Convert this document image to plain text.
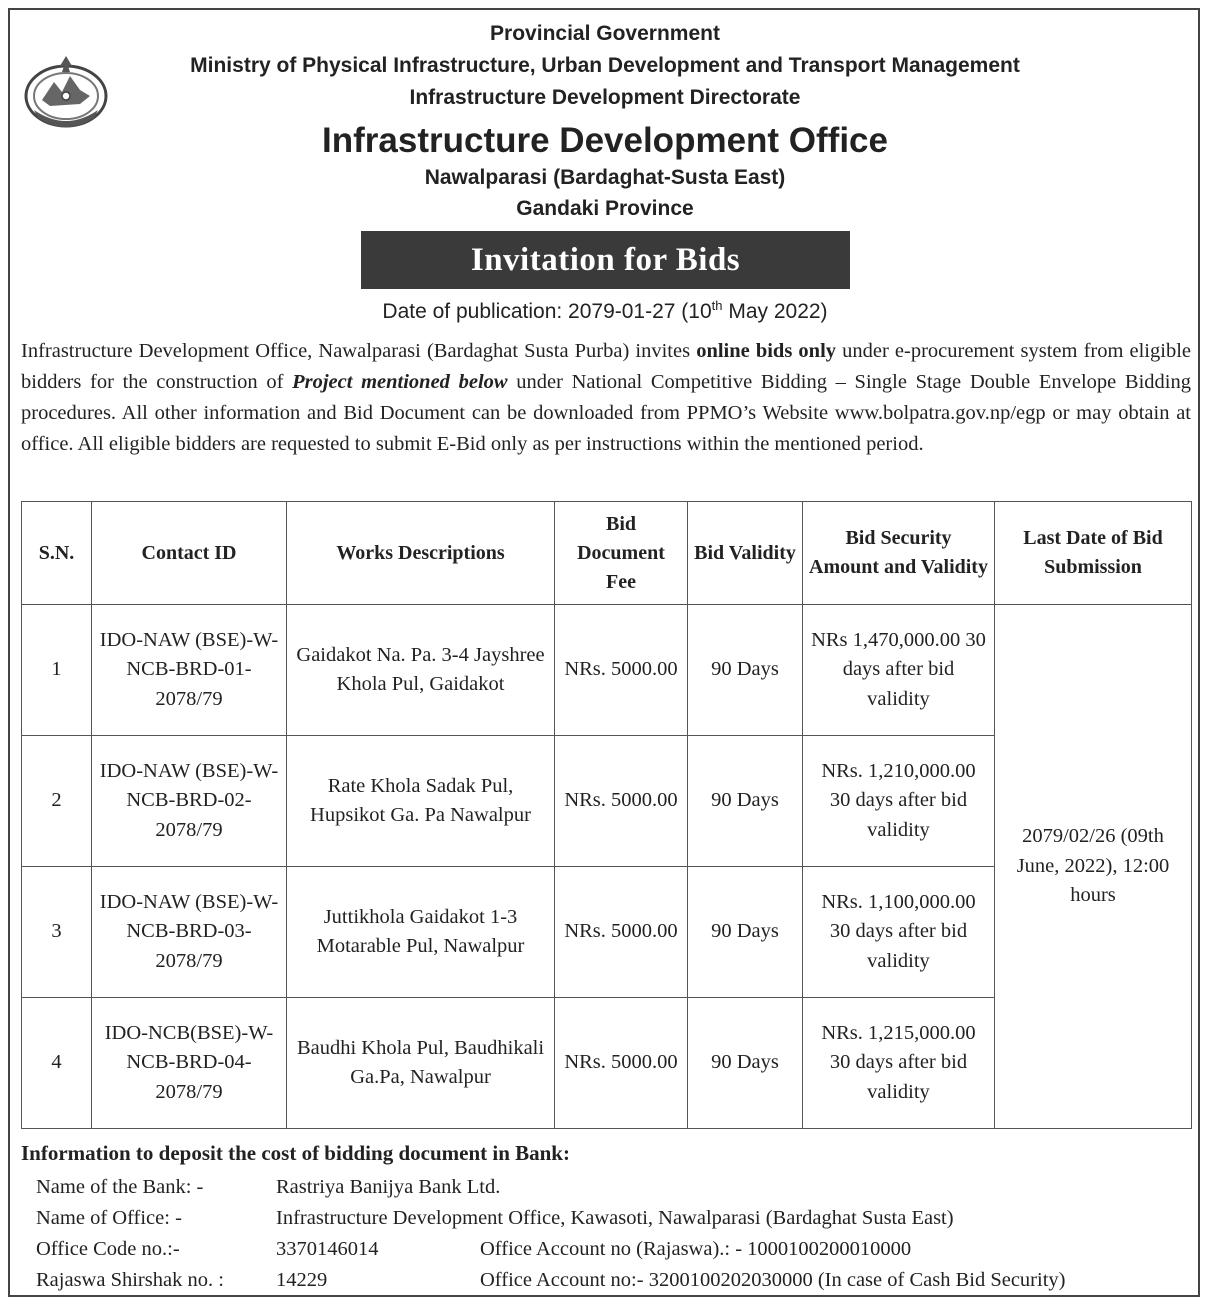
Provincial Government
Ministry of Physical Infrastructure, Urban Development and Transport Management
Infrastructure Development Directorate
Infrastructure Development Office
Nawalparasi (Bardaghat-Susta East)
Gandaki Province
Invitation for Bids
Date of publication: 2079-01-27 (10th May 2022)

Infrastructure Development Office, Nawalparasi (Bardaghat Susta Purba) invites online bids only under e-procurement system from eligible bidders for the construction of Project mentioned below under National Competitive Bidding – Single Stage Double Envelope Bidding procedures. All other information and Bid Document can be downloaded from PPMO’s Website www.bolpatra.gov.np/egp or may obtain at office. All eligible bidders are requested to submit E-Bid only as per instructions within the mentioned period.

S.N.	Contact ID	Works Descriptions	Bid Document Fee	Bid Validity	Bid Security Amount and Validity	Last Date of Bid Submission
1	IDO-NAW (BSE)-W-NCB-BRD-01-2078/79	Gaidakot Na. Pa. 3-4 Jayshree Khola Pul, Gaidakot	NRs. 5000.00	90 Days	NRs 1,470,000.00 30 days after bid validity	2079/02/26 (09th June, 2022), 12:00 hours
2	IDO-NAW (BSE)-W-NCB-BRD-02-2078/79	Rate Khola Sadak Pul, Hupsikot Ga. Pa Nawalpur	NRs. 5000.00	90 Days	NRs. 1,210,000.00 30 days after bid validity	
3	IDO-NAW (BSE)-W-NCB-BRD-03-2078/79	Juttikhola Gaidakot 1-3 Motarable Pul, Nawalpur	NRs. 5000.00	90 Days	NRs. 1,100,000.00 30 days after bid validity	
4	IDO-NCB(BSE)-W-NCB-BRD-04-2078/79	Baudhi Khola Pul, Baudhikali Ga.Pa, Nawalpur	NRs. 5000.00	90 Days	NRs. 1,215,000.00 30 days after bid validity	
Information to deposit the cost of bidding document in Bank:
Name of the Bank: -	Rastriya Banijya Bank Ltd.
Name of Office: -	Infrastructure Development Office, Kawasoti, Nawalparasi (Bardaghat Susta East)
Office Code no.:-	3370146014	Office Account no (Rajaswa).: - 1000100200010000
Rajaswa Shirshak no. :	14229	Office Account no:- 3200100202030000 (In case of Cash Bid Security)
